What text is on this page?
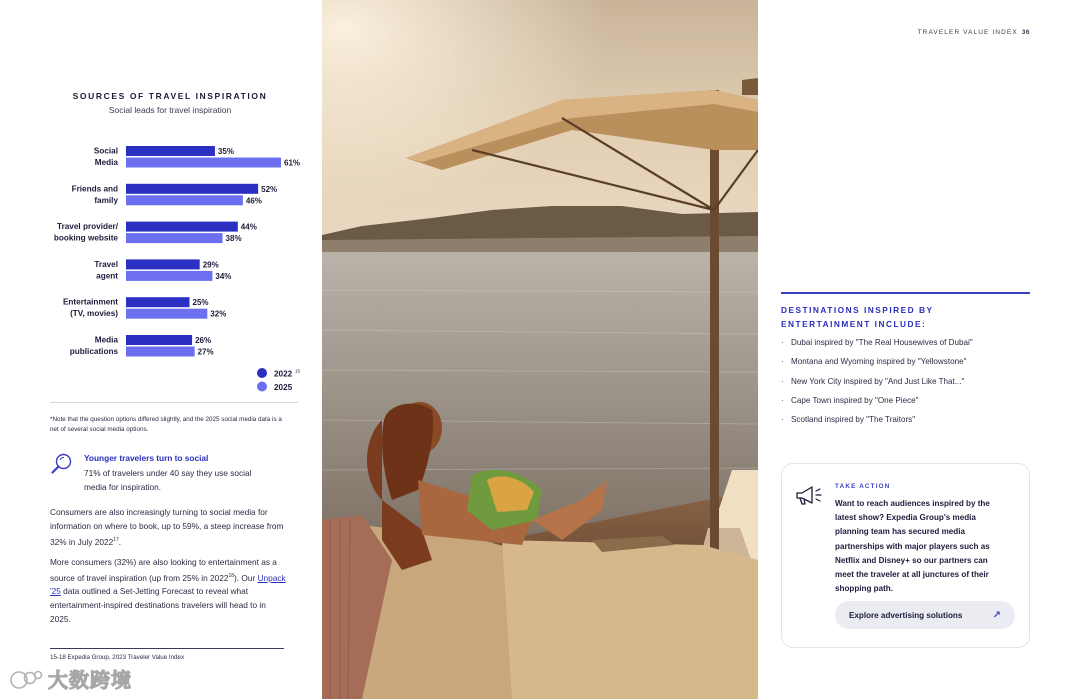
SOURCES OF TRAVEL INSPIRATION
Social leads for travel inspiration
Social
Media
35%
61%
Friends and
family
52%
46%
Travel provider/
booking website
44%
38%
Travel
agent
29%
34%
Entertainment
(TV, movies)
25%
32%
Media
publications
26%
27%
2022 15
2025
*Note that the question options differed slightly, and the 2025 social media data is a net of several social media options.
Younger travelers turn to social
71% of travelers under 40 say they use social media for inspiration.

Consumers are also increasingly turning to social media for information on where to book, up to 59%, a steep increase from 32% in July 2022$^{17}$.

More consumers (32%) are also looking to entertainment as a source of travel inspiration (up from 25% in 2022$^{18}$). Our Unpack '25 data outlined a Set-Jetting Forecast to reveal what entertainment-inspired destinations travelers will head to in 2025.

15-18 Expedia Group, 2023 Traveler Value Index
大数跨境
TRAVELER VALUE INDEX 36
DESTINATIONS INSPIRED BY ENTERTAINMENT INCLUDE:
· Dubai inspired by "The Real Housewives of Dubai"
· Montana and Wyoming inspired by "Yellowstone"
· New York City inspired by "And Just Like That..."
· Cape Town inspired by "One Piece"
· Scotland inspired by "The Traitors"
TAKE ACTION
Want to reach audiences inspired by the latest show? Expedia Group's media planning team has secured media partnerships with major players such as Netflix and Disney+ so our partners can meet the traveler at all junctures of their shopping path.
Explore advertising solutions	↗
